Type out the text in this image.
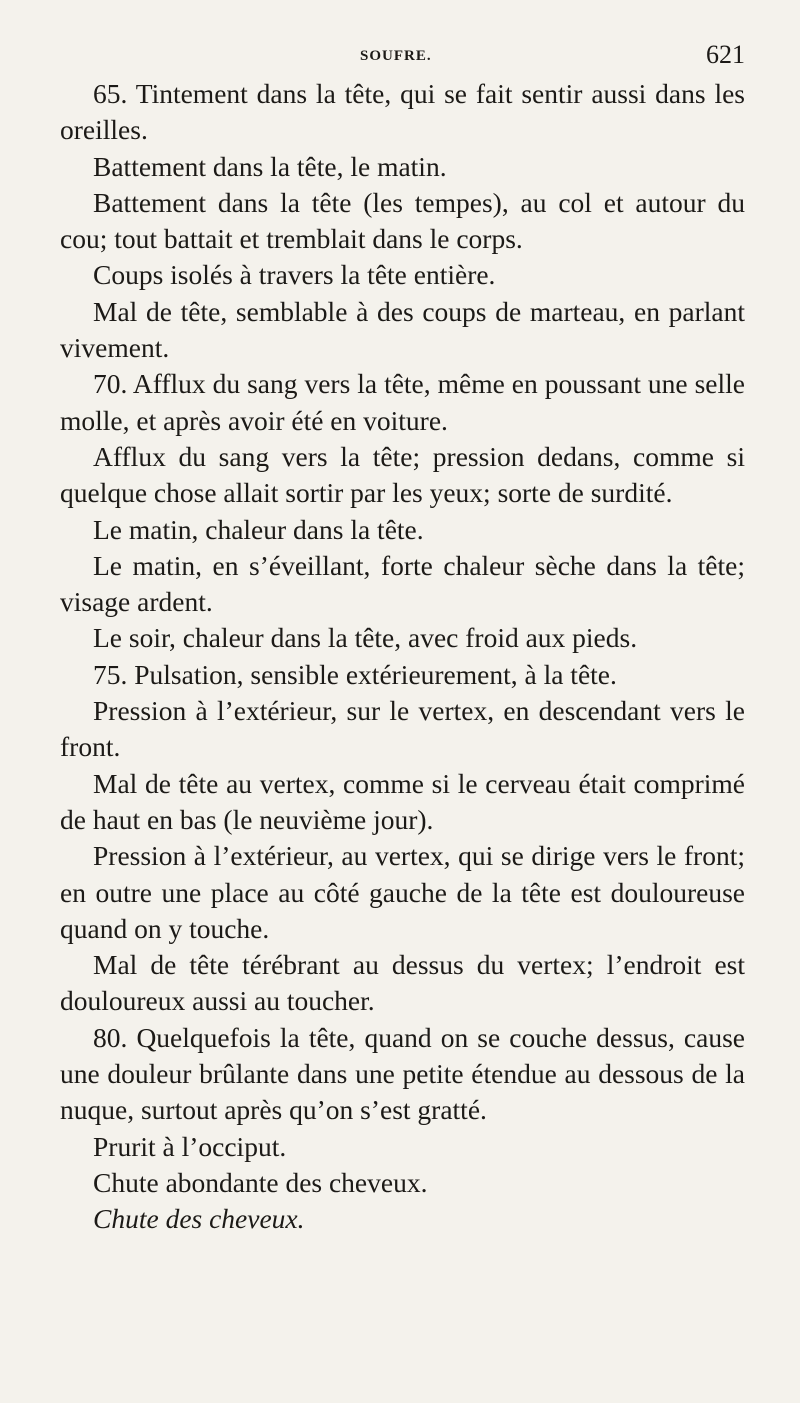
SOUFRE.	621

65. Tintement dans la tête, qui se fait sentir aussi dans les oreilles.

Battement dans la tête, le matin.

Battement dans la tête (les tempes), au col et autour du cou; tout battait et tremblait dans le corps.

Coups isolés à travers la tête entière.

Mal de tête, semblable à des coups de marteau, en parlant vivement.

70. Afflux du sang vers la tête, même en poussant une selle molle, et après avoir été en voiture.

Afflux du sang vers la tête; pression dedans, comme si quelque chose allait sortir par les yeux; sorte de surdité.

Le matin, chaleur dans la tête.

Le matin, en s’éveillant, forte chaleur sèche dans la tête; visage ardent.

Le soir, chaleur dans la tête, avec froid aux pieds.

75. Pulsation, sensible extérieurement, à la tête.

Pression à l’extérieur, sur le vertex, en descendant vers le front.

Mal de tête au vertex, comme si le cerveau était comprimé de haut en bas (le neuvième jour).

Pression à l’extérieur, au vertex, qui se dirige vers le front; en outre une place au côté gauche de la tête est douloureuse quand on y touche.

Mal de tête térébrant au dessus du vertex; l’endroit est douloureux aussi au toucher.

80. Quelquefois la tête, quand on se couche dessus, cause une douleur brûlante dans une petite étendue au dessous de la nuque, surtout après qu’on s’est gratté.

Prurit à l’occiput.

Chute abondante des cheveux.

Chute des cheveux.
